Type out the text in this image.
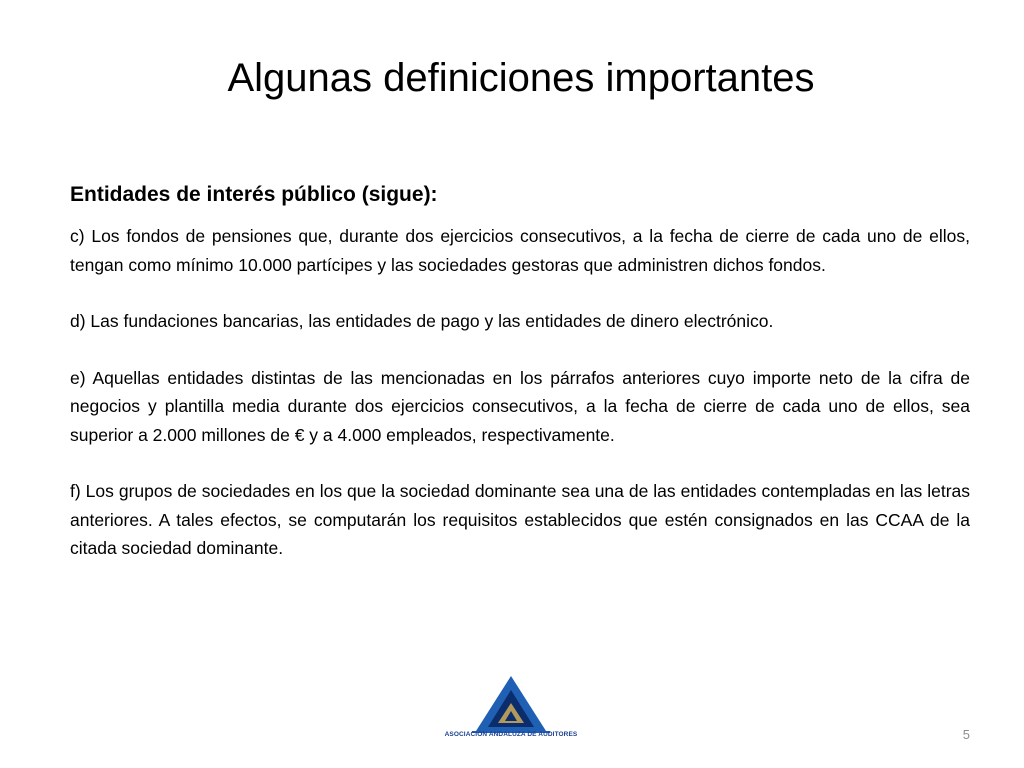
Algunas definiciones importantes
Entidades de interés público (sigue):

c) Los fondos de pensiones que, durante dos ejercicios consecutivos, a la fecha de cierre de cada uno de ellos, tengan como mínimo 10.000 partícipes y las sociedades gestoras que administren dichos fondos.

d) Las fundaciones bancarias, las entidades de pago y las entidades de dinero electrónico.

e) Aquellas entidades distintas de las mencionadas en los párrafos anteriores cuyo importe neto de la cifra de negocios y plantilla media durante dos ejercicios consecutivos, a la fecha de cierre de cada uno de ellos, sea superior a 2.000 millones de € y a 4.000 empleados, respectivamente.

f) Los grupos de sociedades en los que la sociedad dominante sea una de las entidades contempladas en las letras anteriores. A tales efectos, se computarán los requisitos establecidos que estén consignados en las CCAA de la citada sociedad dominante.

ASOCIACION ANDALUZA DE AUDITORES	5
